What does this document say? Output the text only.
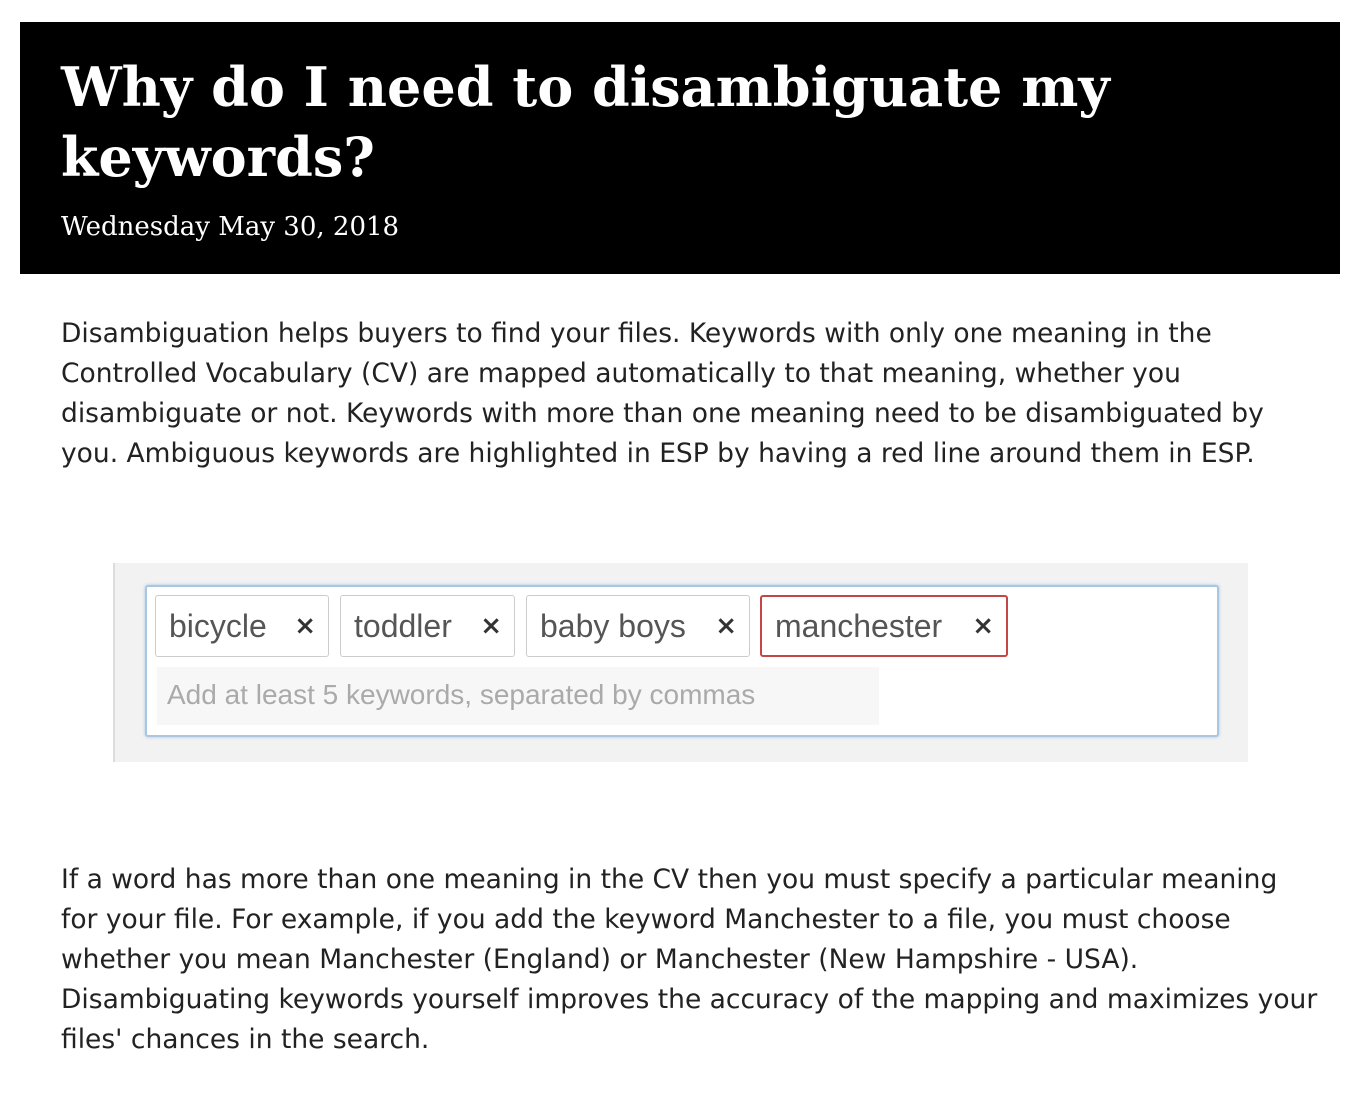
Why do I need to disambiguate my
keywords?
Wednesday May 30, 2018

Disambiguation helps buyers to find your files. Keywords with only one meaning in the Controlled Vocabulary (CV) are mapped automatically to that meaning, whether you disambiguate or not. Keywords with more than one meaning need to be disambiguated by you. Ambiguous keywords are highlighted in ESP by having a red line around them in ESP.

bicycle ×	toddler ×	baby boys ×	manchester ×
Add at least 5 keywords, separated by commas

If a word has more than one meaning in the CV then you must specify a particular meaning for your file. For example, if you add the keyword Manchester to a file, you must choose whether you mean Manchester (England) or Manchester (New Hampshire - USA). Disambiguating keywords yourself improves the accuracy of the mapping and maximizes your files' chances in the search.
